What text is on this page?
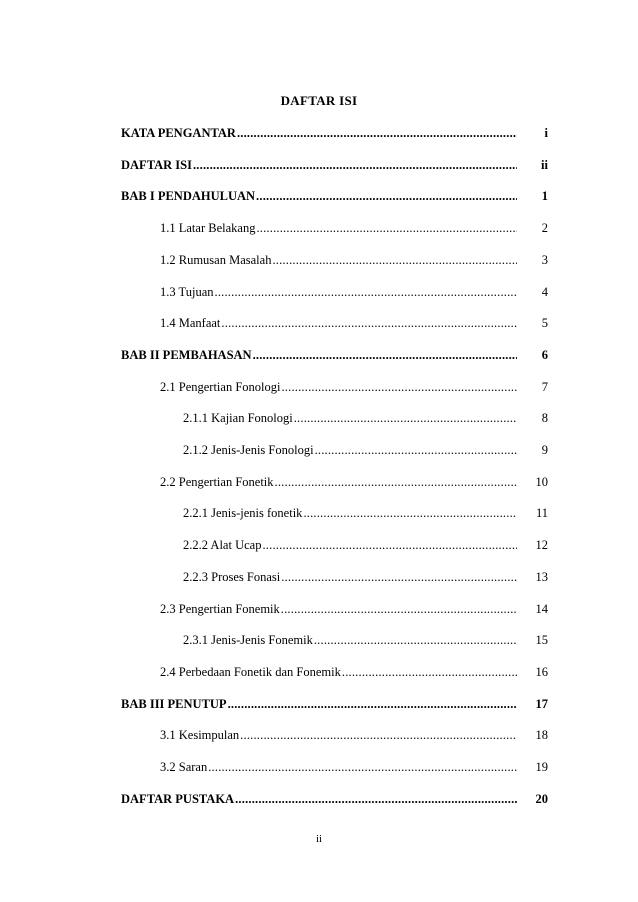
DAFTAR ISI
KATA PENGANTAR .....	i
DAFTAR ISI .....	ii
BAB I PENDAHULUAN .....	1
1.1 Latar Belakang .....	2
1.2 Rumusan Masalah .....	3
1.3 Tujuan .....	4
1.4 Manfaat .....	5
BAB II PEMBAHASAN .....	6
2.1 Pengertian Fonologi .....	7
2.1.1 Kajian Fonologi .....	8
2.1.2 Jenis-Jenis Fonologi .....	9
2.2 Pengertian Fonetik .....	10
2.2.1 Jenis-jenis fonetik .....	11
2.2.2 Alat Ucap .....	12
2.2.3 Proses Fonasi .....	13
2.3 Pengertian Fonemik .....	14
2.3.1 Jenis-Jenis Fonemik .....	15
2.4 Perbedaan Fonetik dan Fonemik .....	16
BAB III PENUTUP .....	17
3.1 Kesimpulan .....	18
3.2 Saran .....	19
DAFTAR PUSTAKA .....	20
ii
